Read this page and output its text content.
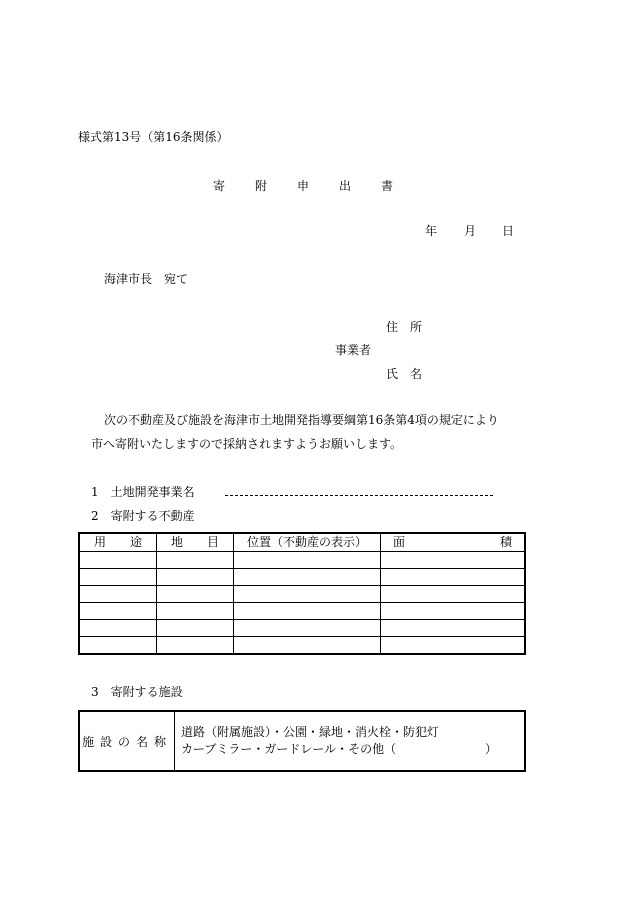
様式第13号（第16条関係）
寄附申出書
年 月 日
海津市長　宛て
住　所
事業者
氏　名
次の不動産及び施設を海津市土地開発指導要綱第16条第4項の規定により
市へ寄附いたしますので採納されますようお願いします。
1　土地開発事業名
2　寄附する不動産
用 途	地 目	位置（不動産の表示）	面 積

3　寄附する施設
施設の名称	
道路（附属施設）・公園・緑地・消火栓・防犯灯
カーブミラー・ガードレール・その他（	）
